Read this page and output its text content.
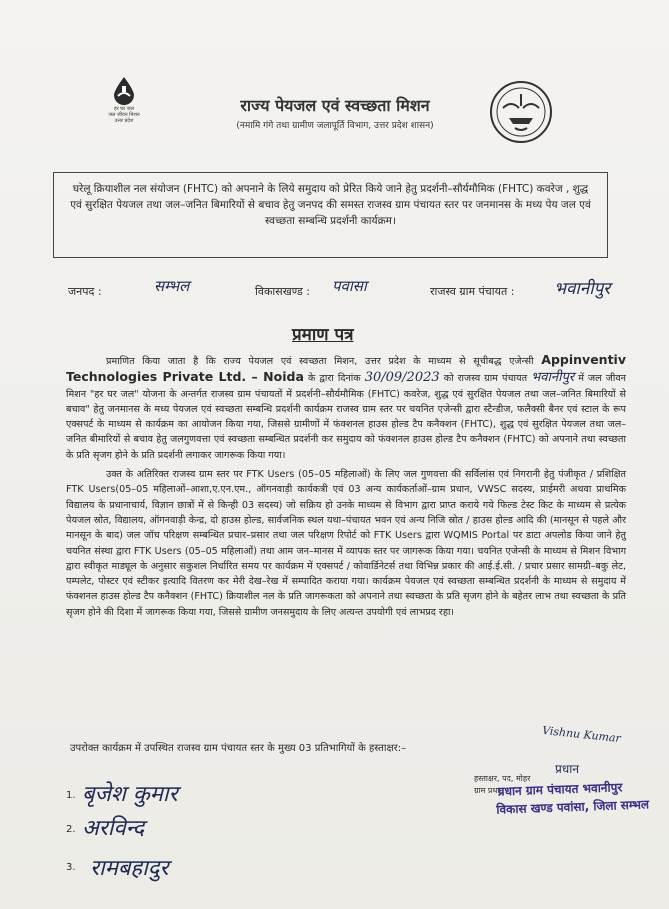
हर घर जल
जल जीवन मिशन
उत्तर प्रदेश
राज्य पेयजल एवं स्वच्छता मिशन
(नमामि गंगे तथा ग्रामीण जलापूर्ति विभाग, उत्तर प्रदेश शासन)
घरेलू क्रियाशील नल संयोजन (FHTC) को अपनाने के लिये समुदाय को प्रेरित किये जाने हेतु प्रदर्शनी–सौर्यमौमिक (FHTC) कवरेज , शुद्ध एवं सुरक्षित पेयजल तथा जल–जनित बिमारियों से बचाव हेतु जनपद की समस्त राजस्व ग्राम पंचायत स्तर पर जनमानस के मध्य पेय जल एवं स्वच्छता सम्बन्धि प्रदर्शनी कार्यक्रम।
जनपद :	सम्भल	विकासखण्ड : पवासा	राजस्व ग्राम पंचायत : भवानीपुर
प्रमाण पत्र

प्रमाणित किया जाता है कि राज्य पेयजल एवं स्वच्छता मिशन, उत्तर प्रदेश के माध्यम से सूचीबद्ध एजेन्सी Appinventiv Technologies Private Ltd. – Noida के द्वारा दिनांक 30/09/2023 को राजस्व ग्राम पंचायत भवानीपुर में जल जीवन मिशन "हर घर जल" योजना के अन्तर्गत राजस्व ग्राम पंचायतों में प्रदर्शनी–सौर्यमौमिक (FHTC) कवरेज, शुद्ध एवं सुरक्षित पेयजल तथा जल–जनित बिमारियों से बचाव" हेतु जनमानस के मध्य पेयजल एवं स्वच्छता सम्बन्धि प्रदर्शनी कार्यक्रम राजस्व ग्राम स्तर पर चयनित एजेन्सी द्वारा स्टैन्डीज, फलैक्सी बैनर एवं स्टाल के रूप एक्सपर्ट के माध्यम से कार्यक्रम का आयोजन किया गया, जिससे ग्रामीणों में फंक्शनल हाउस होल्ड टैप कनैक्शन (FHTC), शुद्ध एवं सुरक्षित पेयजल तथा जल–जनित बीमारियों से बचाव हेतु जलगुणवत्ता एवं स्वच्छता सम्बन्धित प्रदर्शनी कर समुदाय को फंक्शनल हाउस होल्ड टैप कनैक्शन (FHTC) को अपनाने तथा स्वच्छता के प्रति सृजग होने के प्रति प्रदर्शनी लगाकर जागरूक किया गया।

उक्त के अतिरिक्त राजस्व ग्राम स्तर पर FTK Users (05–05 महिलाओं) के लिए जल गुणवत्ता की सर्विलांस एवं निगरानी हेतु पंजीकृत / प्रशिक्षित FTK Users(05–05 महिलाओं–आशा,ए.एन.एम., ऑगनवाड़ी कार्यकत्री एवं 03 अन्य कार्यकर्ताओं–ग्राम प्रधान, VWSC सदस्य, प्राईमरी अथवा प्राथमिक विद्यालय के प्रधानाचार्य, विज्ञान छात्रों में से किन्ही 03 सदस्य) जो सक्रिय हो उनके माध्यम से विभाग द्वारा प्राप्त कराये गये फिल्ड टेस्ट किट के माध्यम से प्रत्येक पेयजल स्रोत, विद्यालय, ऑगनवाड़ी केन्द्र, दो हाउस होल्ड, सार्वजनिक स्थल यथा–पंचायत भवन एवं अन्य निजि स्रोत / हाउस होल्ड आदि की (मानसून से पहले और मानसून के बाद) जल जॉच परिक्षण सम्बन्धित प्रचार–प्रसार तथा जल परिक्षण रिपोर्ट को FTK Users द्वारा WQMIS Portal पर डाटा अपलोड किया जाने हेतु चयनित संस्था द्वारा FTK Users (05–05 महिलाओं) तथा आम जन–मानस में व्यापक स्तर पर जागरूक किया गया। चयनित एजेन्सी के माध्यम से मिशन विभाग द्वारा स्वीकृत माड्यूल के अनुसार सकुशल निर्धारित समय पर कार्यक्रम में एक्सपर्ट / कोवार्डिनेटर्स तथा विभिन्न प्रकार की आई.ई.सी. / प्रचार प्रसार सामग्री–बकु लेट, पम्पलेट, पोस्टर एवं स्टीकर इत्यादि वितरण कर मेरी देख–रेख में सम्पादित कराया गया। कार्यक्रम पेयजल एवं स्वच्छता सम्बन्धित प्रदर्शनी के माध्यम से समुदाय में फंक्शनल हाउस होल्ड टैप कनैक्शन (FHTC) क्रियाशील नल के प्रति जागरूकता को अपनाने तथा स्वच्छता के प्रति सृजग होने के बहेतर लाभ तथा स्वच्छता के प्रति सृजग होने की दिशा में जागरूक किया गया, जिससे ग्रामीण जनसमुदाय के लिए अत्यन्त उपयोगी एवं लाभप्रद रहा।

उपरोक्त कार्यक्रम में उपस्थित राजस्व ग्राम पंचायत स्तर के मुख्य 03 प्रतिभागियों के हस्ताक्षर:–
1. बृजेश कुमार
2. अरविन्द
3. रामबहादुर
Vishnu Kumar
प्रधान
हस्ताक्षर, पद, मोहर
ग्राम प्रधान
प्रधान ग्राम पंचायत भवानीपुर
विकास खण्ड पवांसा, जिला सम्भल
